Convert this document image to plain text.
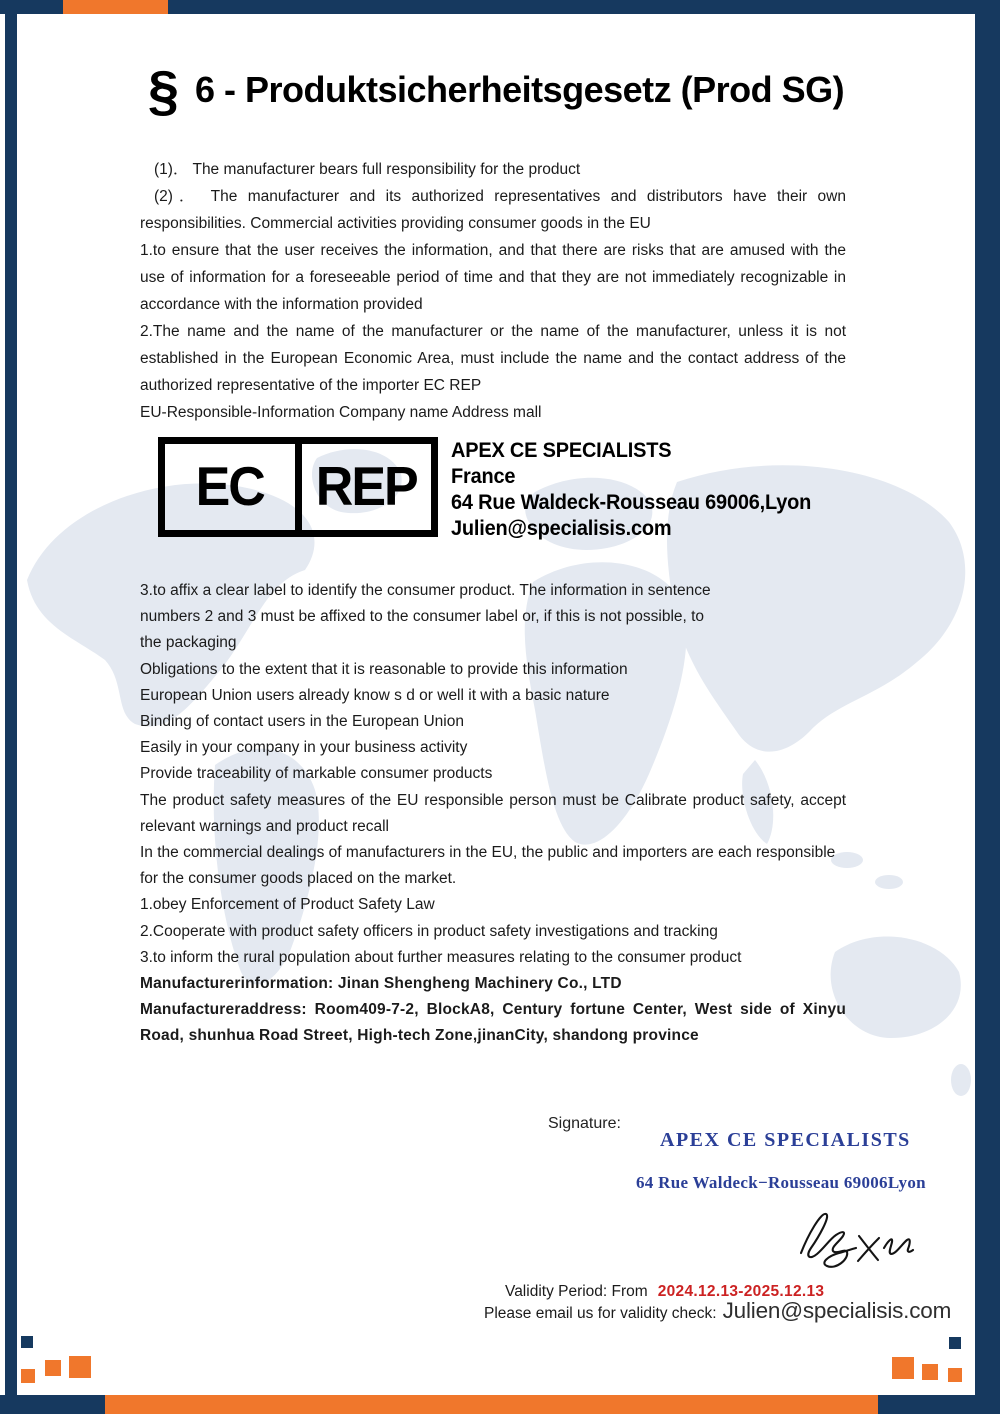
§ 6 - Produktsicherheitsgesetz (Prod SG)
(1)． The manufacturer bears full responsibility for the product
(2)． The manufacturer and its authorized representatives and distributors have their own responsibilities. Commercial activities providing consumer goods in the EU
1.to ensure that the user receives the information, and that there are risks that are amused with the use of information for a foreseeable period of time and that they are not immediately recognizable in accordance with the information provided
2.The name and the name of the manufacturer or the name of the manufacturer, unless it is not established in the European Economic Area, must include the name and the contact address of the authorized representative of the importer EC REP
EU-Responsible-Information Company name Address mall
EC REP
APEX CE SPECIALISTS
France
64 Rue Waldeck-Rousseau 69006,Lyon
Julien@specialisis.com
3.to affix a clear label to identify the consumer product. The information in sentence
numbers 2 and 3 must be affixed to the consumer label or, if this is not possible, to
the packaging
Obligations to the extent that it is reasonable to provide this information
European Union users already know s d or well it with a basic nature
Binding of contact users in the European Union
Easily in your company in your business activity
Provide traceability of markable consumer products
The product safety measures of the EU responsible person must be Calibrate product safety, accept relevant warnings and product recall
In the commercial dealings of manufacturers in the EU, the public and importers are each responsible for the consumer goods placed on the market.
1.obey Enforcement of Product Safety Law
2.Cooperate with product safety officers in product safety investigations and tracking
3.to inform the rural population about further measures relating to the consumer product
Manufacturerinformation: Jinan Shengheng Machinery Co., LTD
Manufactureraddress: Room409-7-2, BlockA8, Century fortune Center, West side of Xinyu Road, shunhua Road Street, High-tech Zone,jinanCity, shandong province
Signature:
APEX CE SPECIALISTS
64 Rue Waldeck−Rousseau 69006Lyon
Validity Period: From 2024.12.13-2025.12.13
Please email us for validity check: Julien@specialisis.com
